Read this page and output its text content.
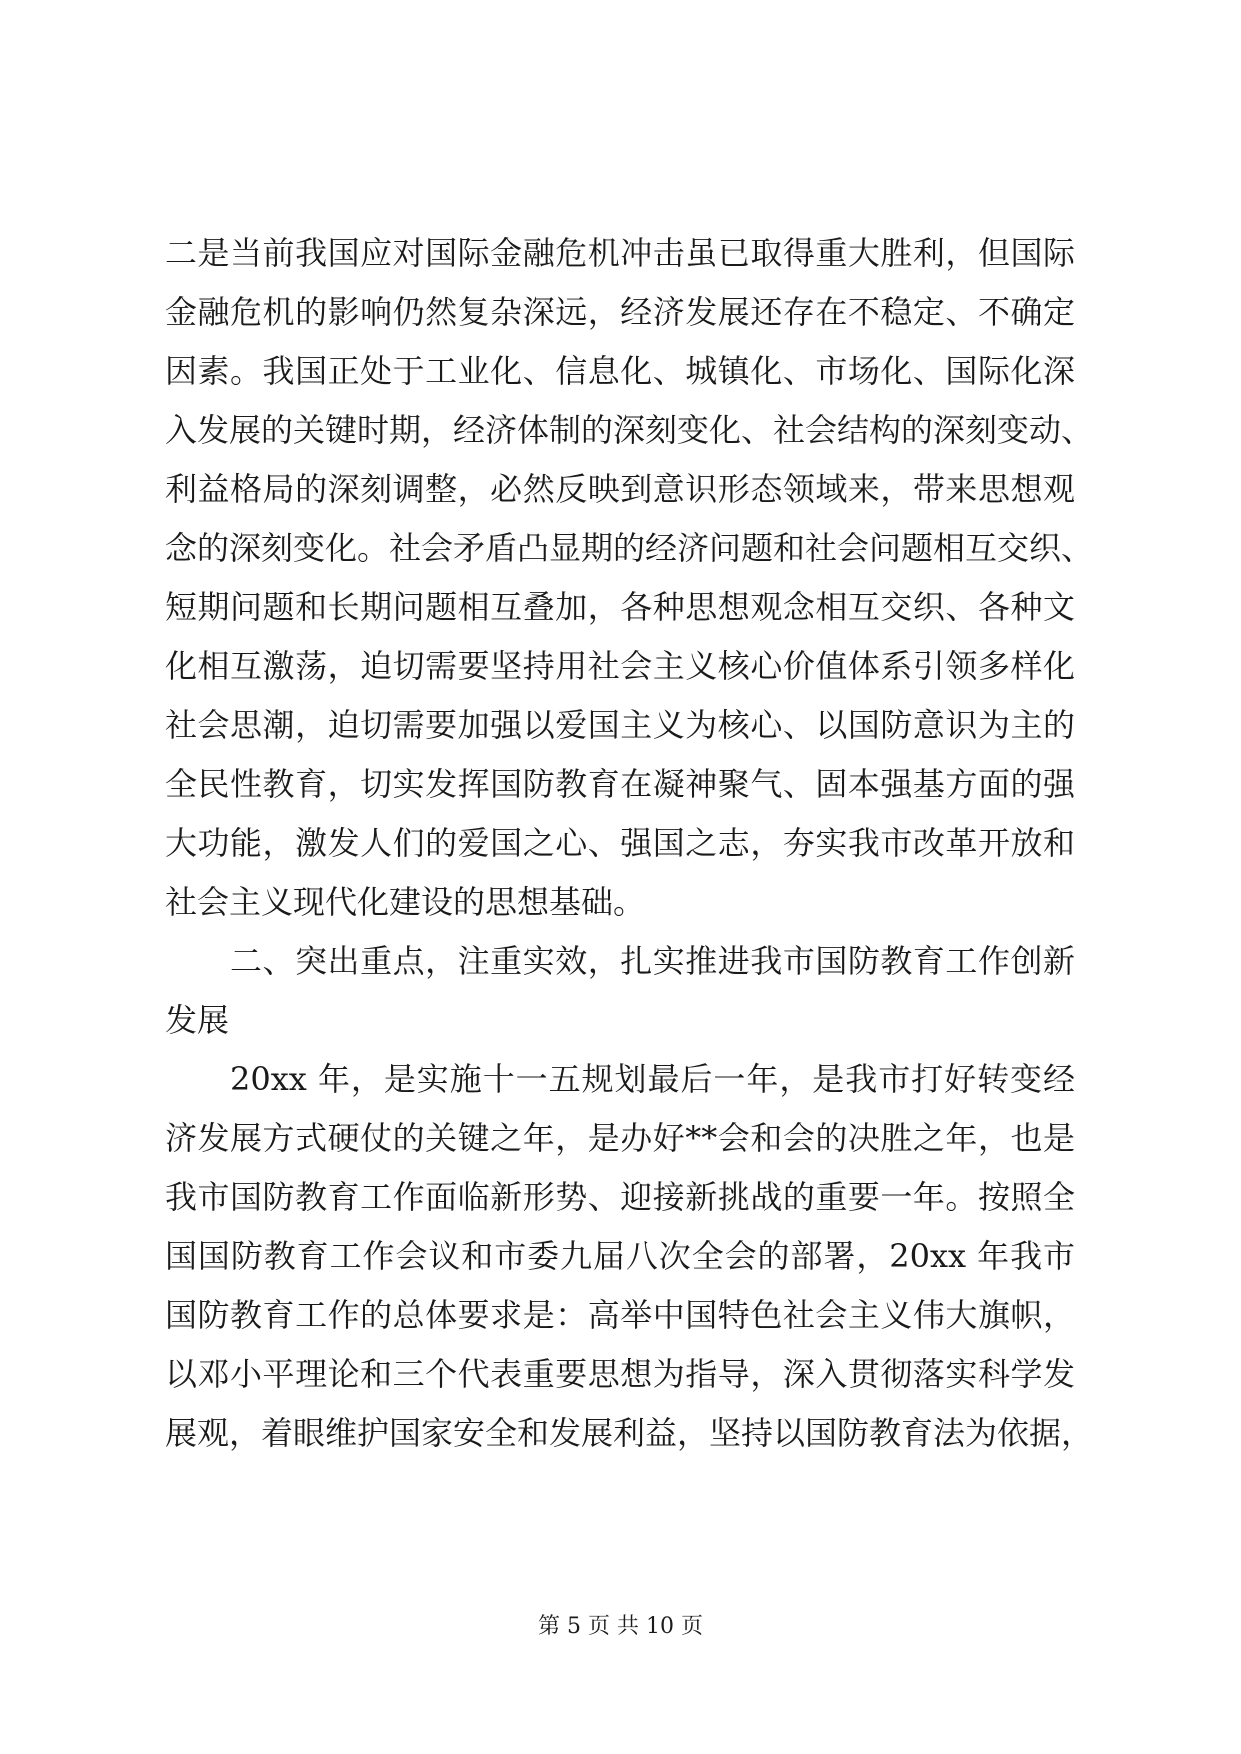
二是当前我国应对国际金融危机冲击虽已取得重大胜利，但国际
金融危机的影响仍然复杂深远，经济发展还存在不稳定、不确定
因素。我国正处于工业化、信息化、城镇化、市场化、国际化深
入发展的关键时期，经济体制的深刻变化、社会结构的深刻变动、
利益格局的深刻调整，必然反映到意识形态领域来，带来思想观
念的深刻变化。社会矛盾凸显期的经济问题和社会问题相互交织、
短期问题和长期问题相互叠加，各种思想观念相互交织、各种文
化相互激荡，迫切需要坚持用社会主义核心价值体系引领多样化
社会思潮，迫切需要加强以爱国主义为核心、以国防意识为主的
全民性教育，切实发挥国防教育在凝神聚气、固本强基方面的强
大功能，激发人们的爱国之心、强国之志，夯实我市改革开放和
社会主义现代化建设的思想基础。
二、突出重点，注重实效，扎实推进我市国防教育工作创新
发展
20xx 年，是实施十一五规划最后一年，是我市打好转变经
济发展方式硬仗的关键之年，是办好**会和会的决胜之年，也是
我市国防教育工作面临新形势、迎接新挑战的重要一年。按照全
国国防教育工作会议和市委九届八次全会的部署，20xx 年我市
国防教育工作的总体要求是：高举中国特色社会主义伟大旗帜，
以邓小平理论和三个代表重要思想为指导，深入贯彻落实科学发
展观，着眼维护国家安全和发展利益，坚持以国防教育法为依据，
第 5 页 共 10 页
